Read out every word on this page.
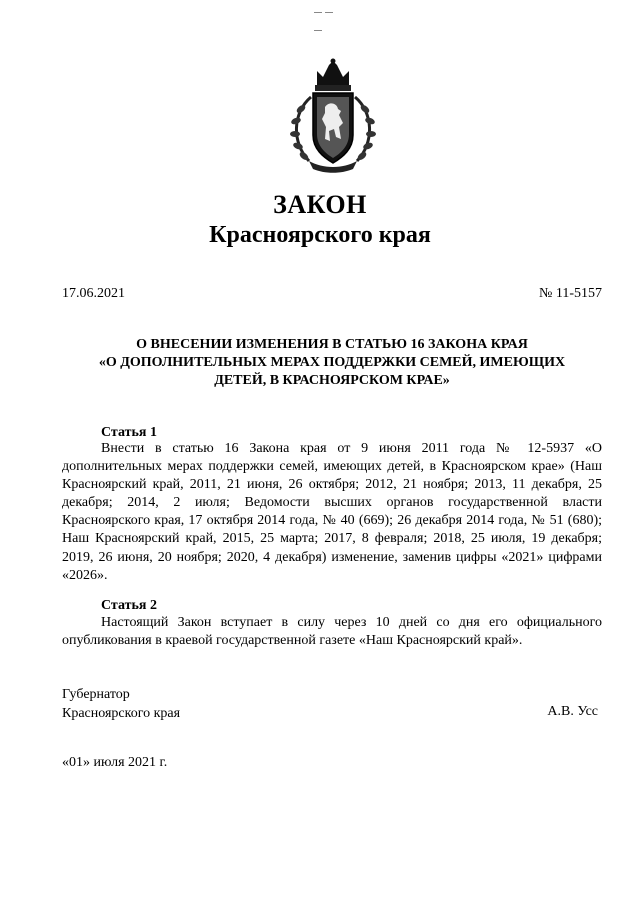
ЗАКОН
Красноярского края
17.06.2021	№ 11-5157
О ВНЕСЕНИИ ИЗМЕНЕНИЯ В СТАТЬЮ 16 ЗАКОНА КРАЯ
«О ДОПОЛНИТЕЛЬНЫХ МЕРАХ ПОДДЕРЖКИ СЕМЕЙ, ИМЕЮЩИХ
ДЕТЕЙ, В КРАСНОЯРСКОМ КРАЕ»
Статья 1

Внести в статью 16 Закона края от 9 июня 2011 года № 12-5937 «О дополнительных мерах поддержки семей, имеющих детей, в Красноярском крае» (Наш Красноярский край, 2011, 21 июня, 26 октября; 2012, 21 ноября; 2013, 11 декабря, 25 декабря; 2014, 2 июля; Ведомости высших органов государственной власти Красноярского края, 17 октября 2014 года, № 40 (669); 26 декабря 2014 года, № 51 (680); Наш Красноярский край, 2015, 25 марта; 2017, 8 февраля; 2018, 25 июля, 19 декабря; 2019, 26 июня, 20 ноября; 2020, 4 декабря) изменение, заменив цифры «2021» цифрами «2026».

Статья 2

Настоящий Закон вступает в силу через 10 дней со дня его официального опубликования в краевой государственной газете «Наш Красноярский край».

Губернатор
Красноярского края	А.В. Усс
«01» июля 2021 г.
